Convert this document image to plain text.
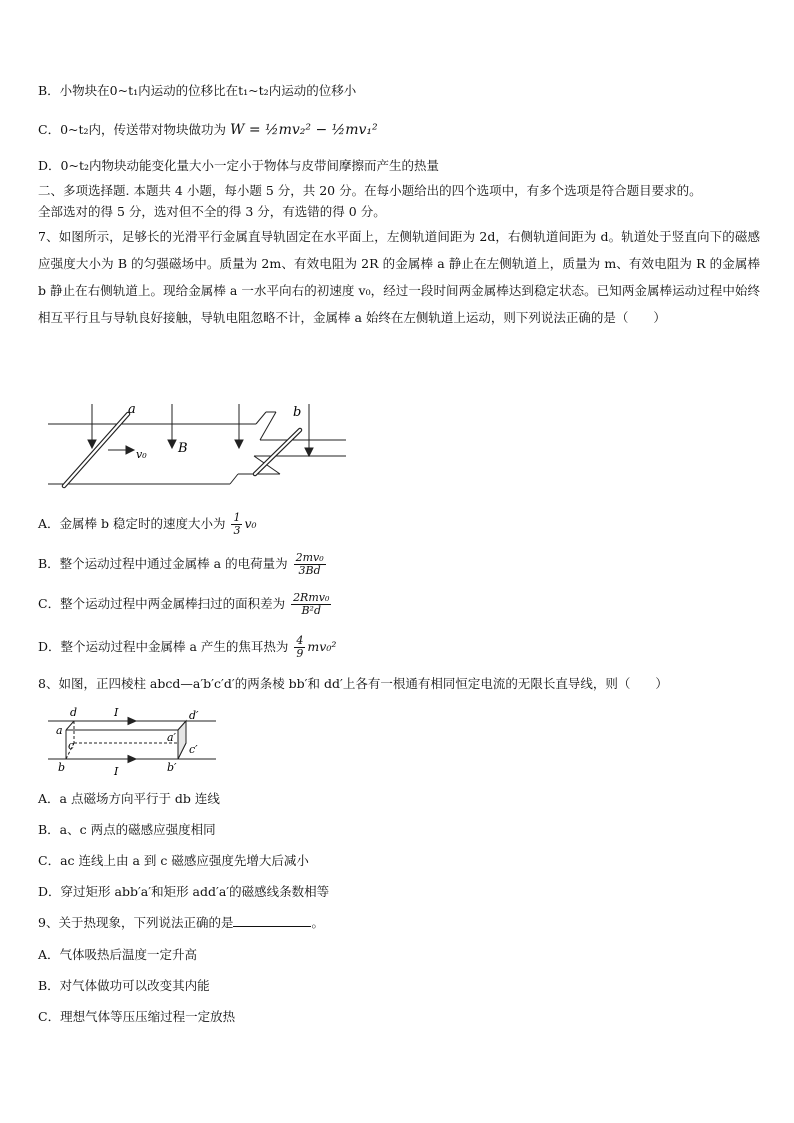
B．小物块在0~t₁内运动的位移比在t₁~t₂内运动的位移小
C．0~t₂内，传送带对物块做功为 W = ½mv₂² − ½mv₁²
D．0~t₂内物块动能变化量大小一定小于物体与皮带间摩擦而产生的热量
二、多项选择题. 本题共 4 小题，每小题 5 分，共 20 分。在每小题给出的四个选项中，有多个选项是符合题目要求的。
全部选对的得 5 分，选对但不全的得 3 分，有选错的得 0 分。
7、如图所示，足够长的光滑平行金属直导轨固定在水平面上，左侧轨道间距为 2d，右侧轨道间距为 d。轨道处于竖直向下的磁感应强度大小为 B 的匀强磁场中。质量为 2m、有效电阻为 2R 的金属棒 a 静止在左侧轨道上，质量为 m、有效电阻为 R 的金属棒 b 静止在右侧轨道上。现给金属棒 a 一水平向右的初速度 v₀，经过一段时间两金属棒达到稳定状态。已知两金属棒运动过程中始终相互平行且与导轨良好接触，导轨电阻忽略不计，金属棒 a 始终在左侧轨道上运动，则下列说法正确的是（　　）
a	b
B
v₀
A．金属棒 b 稳定时的速度大小为 $\frac{1}{3} v_0$
B．整个运动过程中通过金属棒 a 的电荷量为 $\frac{\text{2mv₀}}{3Bd}$
C．整个运动过程中两金属棒扫过的面积差为 $\frac{\text{2Rmv₀}}{\text{B²d}}$
D．整个运动过程中金属棒 a 产生的焦耳热为 $\frac{4}{9} mv_0^2$
8、如图，正四棱柱 abcd—a′b′c′d′的两条棱 bb′和 dd′上各有一根通有相同恒定电流的无限长直导线，则（　　）
d
a
c
b
I
I
d′
a′
c′
b′
A．a 点磁场方向平行于 db 连线
B．a、c 两点的磁感应强度相同
C．ac 连线上由 a 到 c 磁感应强度先增大后减小
D．穿过矩形 abb′a′和矩形 add′a′的磁感线条数相等
9、关于热现象，下列说法正确的是	。
A．气体吸热后温度一定升高
B．对气体做功可以改变其内能
C．理想气体等压压缩过程一定放热
